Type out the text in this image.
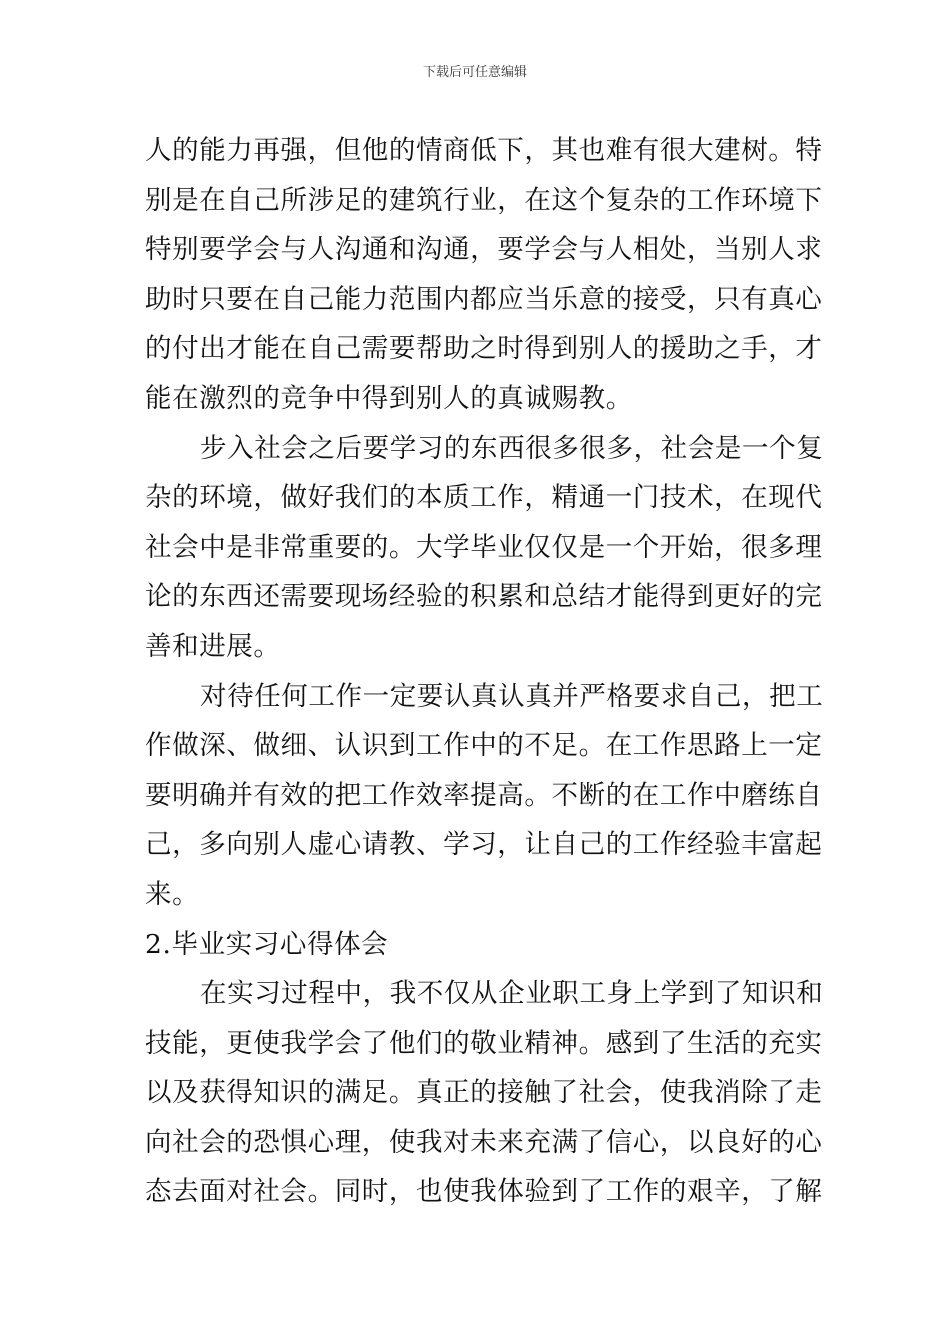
下载后可任意编辑
人的能力再强，但他的情商低下，其也难有很大建树。特
别是在自己所涉足的建筑行业，在这个复杂的工作环境下
特别要学会与人沟通和沟通，要学会与人相处，当别人求
助时只要在自己能力范围内都应当乐意的接受，只有真心
的付出才能在自己需要帮助之时得到别人的援助之手，才
能在激烈的竞争中得到别人的真诚赐教。
步入社会之后要学习的东西很多很多，社会是一个复
杂的环境，做好我们的本质工作，精通一门技术，在现代
社会中是非常重要的。大学毕业仅仅是一个开始，很多理
论的东西还需要现场经验的积累和总结才能得到更好的完
善和进展。
对待任何工作一定要认真认真并严格要求自己，把工
作做深、做细、认识到工作中的不足。在工作思路上一定
要明确并有效的把工作效率提高。不断的在工作中磨练自
己，多向别人虚心请教、学习，让自己的工作经验丰富起
来。
2.毕业实习心得体会
在实习过程中，我不仅从企业职工身上学到了知识和
技能，更使我学会了他们的敬业精神。感到了生活的充实
以及获得知识的满足。真正的接触了社会，使我消除了走
向社会的恐惧心理，使我对未来充满了信心，以良好的心
态去面对社会。同时，也使我体验到了工作的艰辛，了解
